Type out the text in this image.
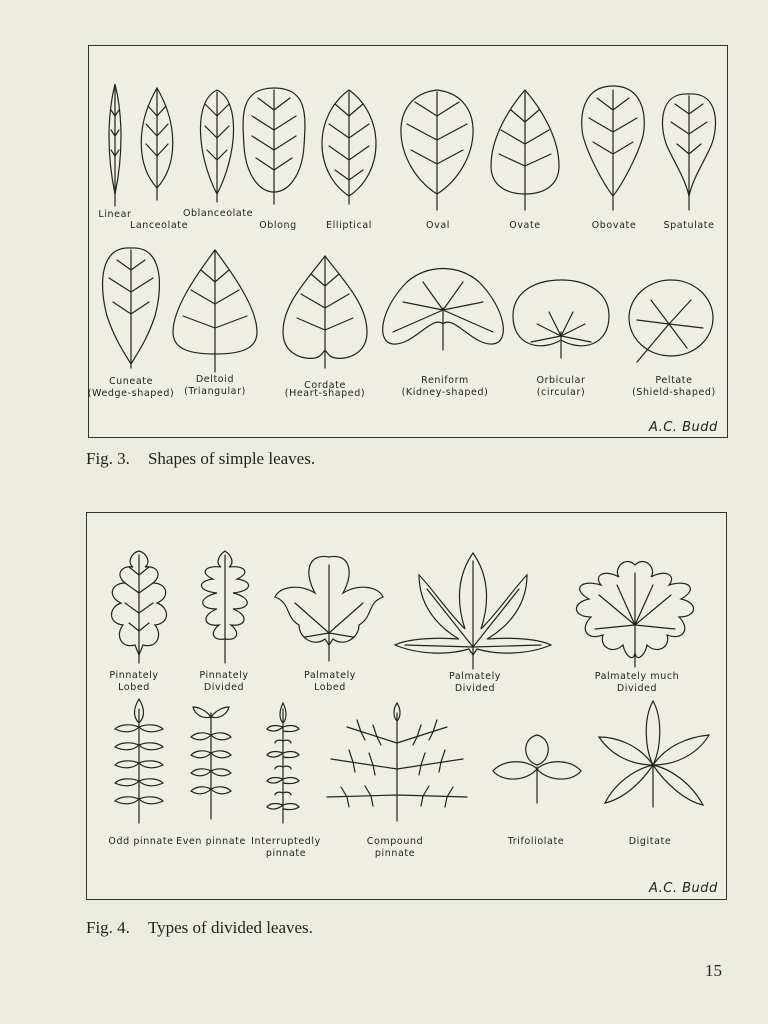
Linear
Lanceolate
Oblanceolate
Oblong	Elliptical	Oval	Ovate	Obovate	Spatulate
Cuneate
(Wedge-shaped)
Deltoid
(Triangular)
Cordate
(Heart-shaped)
Reniform
(Kidney-shaped)
Orbicular
(circular)
Peltate
(Shield-shaped)
A.C. Budd
Fig. 3. Shapes of simple leaves.
Pinnately
Lobed
Pinnately
Divided
Palmately
Lobed
Palmately
Divided
Palmately much
Divided
Odd pinnate Even pinnate Interruptedly
pinnate
Compound
pinnate
Trifoliolate	Digitate
A.C. Budd
Fig. 4. Types of divided leaves.
15
